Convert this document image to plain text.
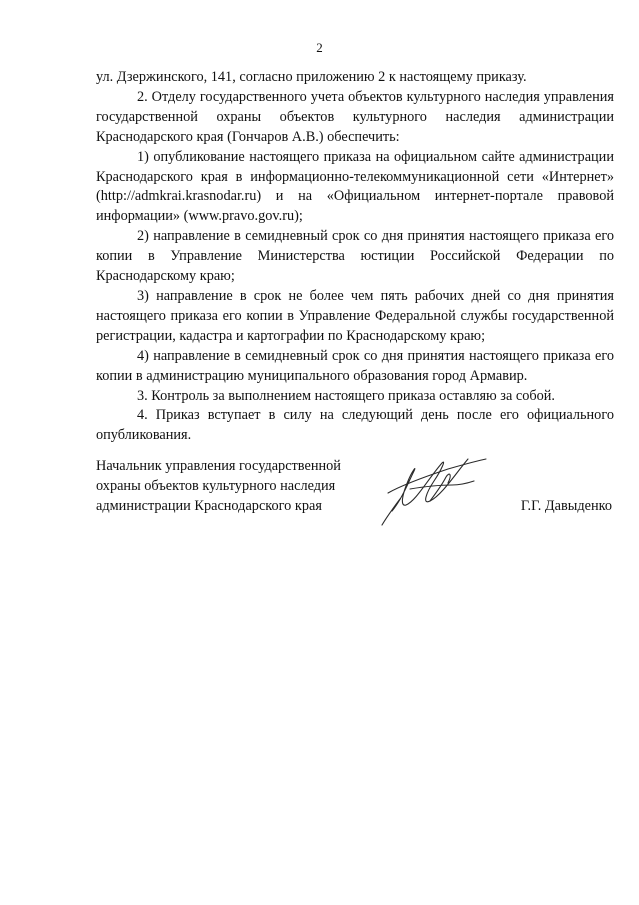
2

ул. Дзержинского, 141, согласно приложению 2 к настоящему приказу.

2. Отделу государственного учета объектов культурного наследия управления государственной охраны объектов культурного наследия администрации Краснодарского края (Гончаров А.В.) обеспечить:

1) опубликование настоящего приказа на официальном сайте администрации Краснодарского края в информационно-телекоммуникационной сети «Интернет» (http://admkrai.krasnodar.ru) и на «Официальном интернет-портале правовой информации» (www.pravo.gov.ru);

2) направление в семидневный срок со дня принятия настоящего приказа его копии в Управление Министерства юстиции Российской Федерации по Краснодарскому краю;

3) направление в срок не более чем пять рабочих дней со дня принятия настоящего приказа его копии в Управление Федеральной службы государственной регистрации, кадастра и картографии по Краснодарскому краю;

4) направление в семидневный срок со дня принятия настоящего приказа его копии в администрацию муниципального образования город Армавир.

3. Контроль за выполнением настоящего приказа оставляю за собой.

4. Приказ вступает в силу на следующий день после его официального опубликования.

Начальник управления государственной
охраны объектов культурного наследия
администрации Краснодарского края	Г.Г. Давыденко
